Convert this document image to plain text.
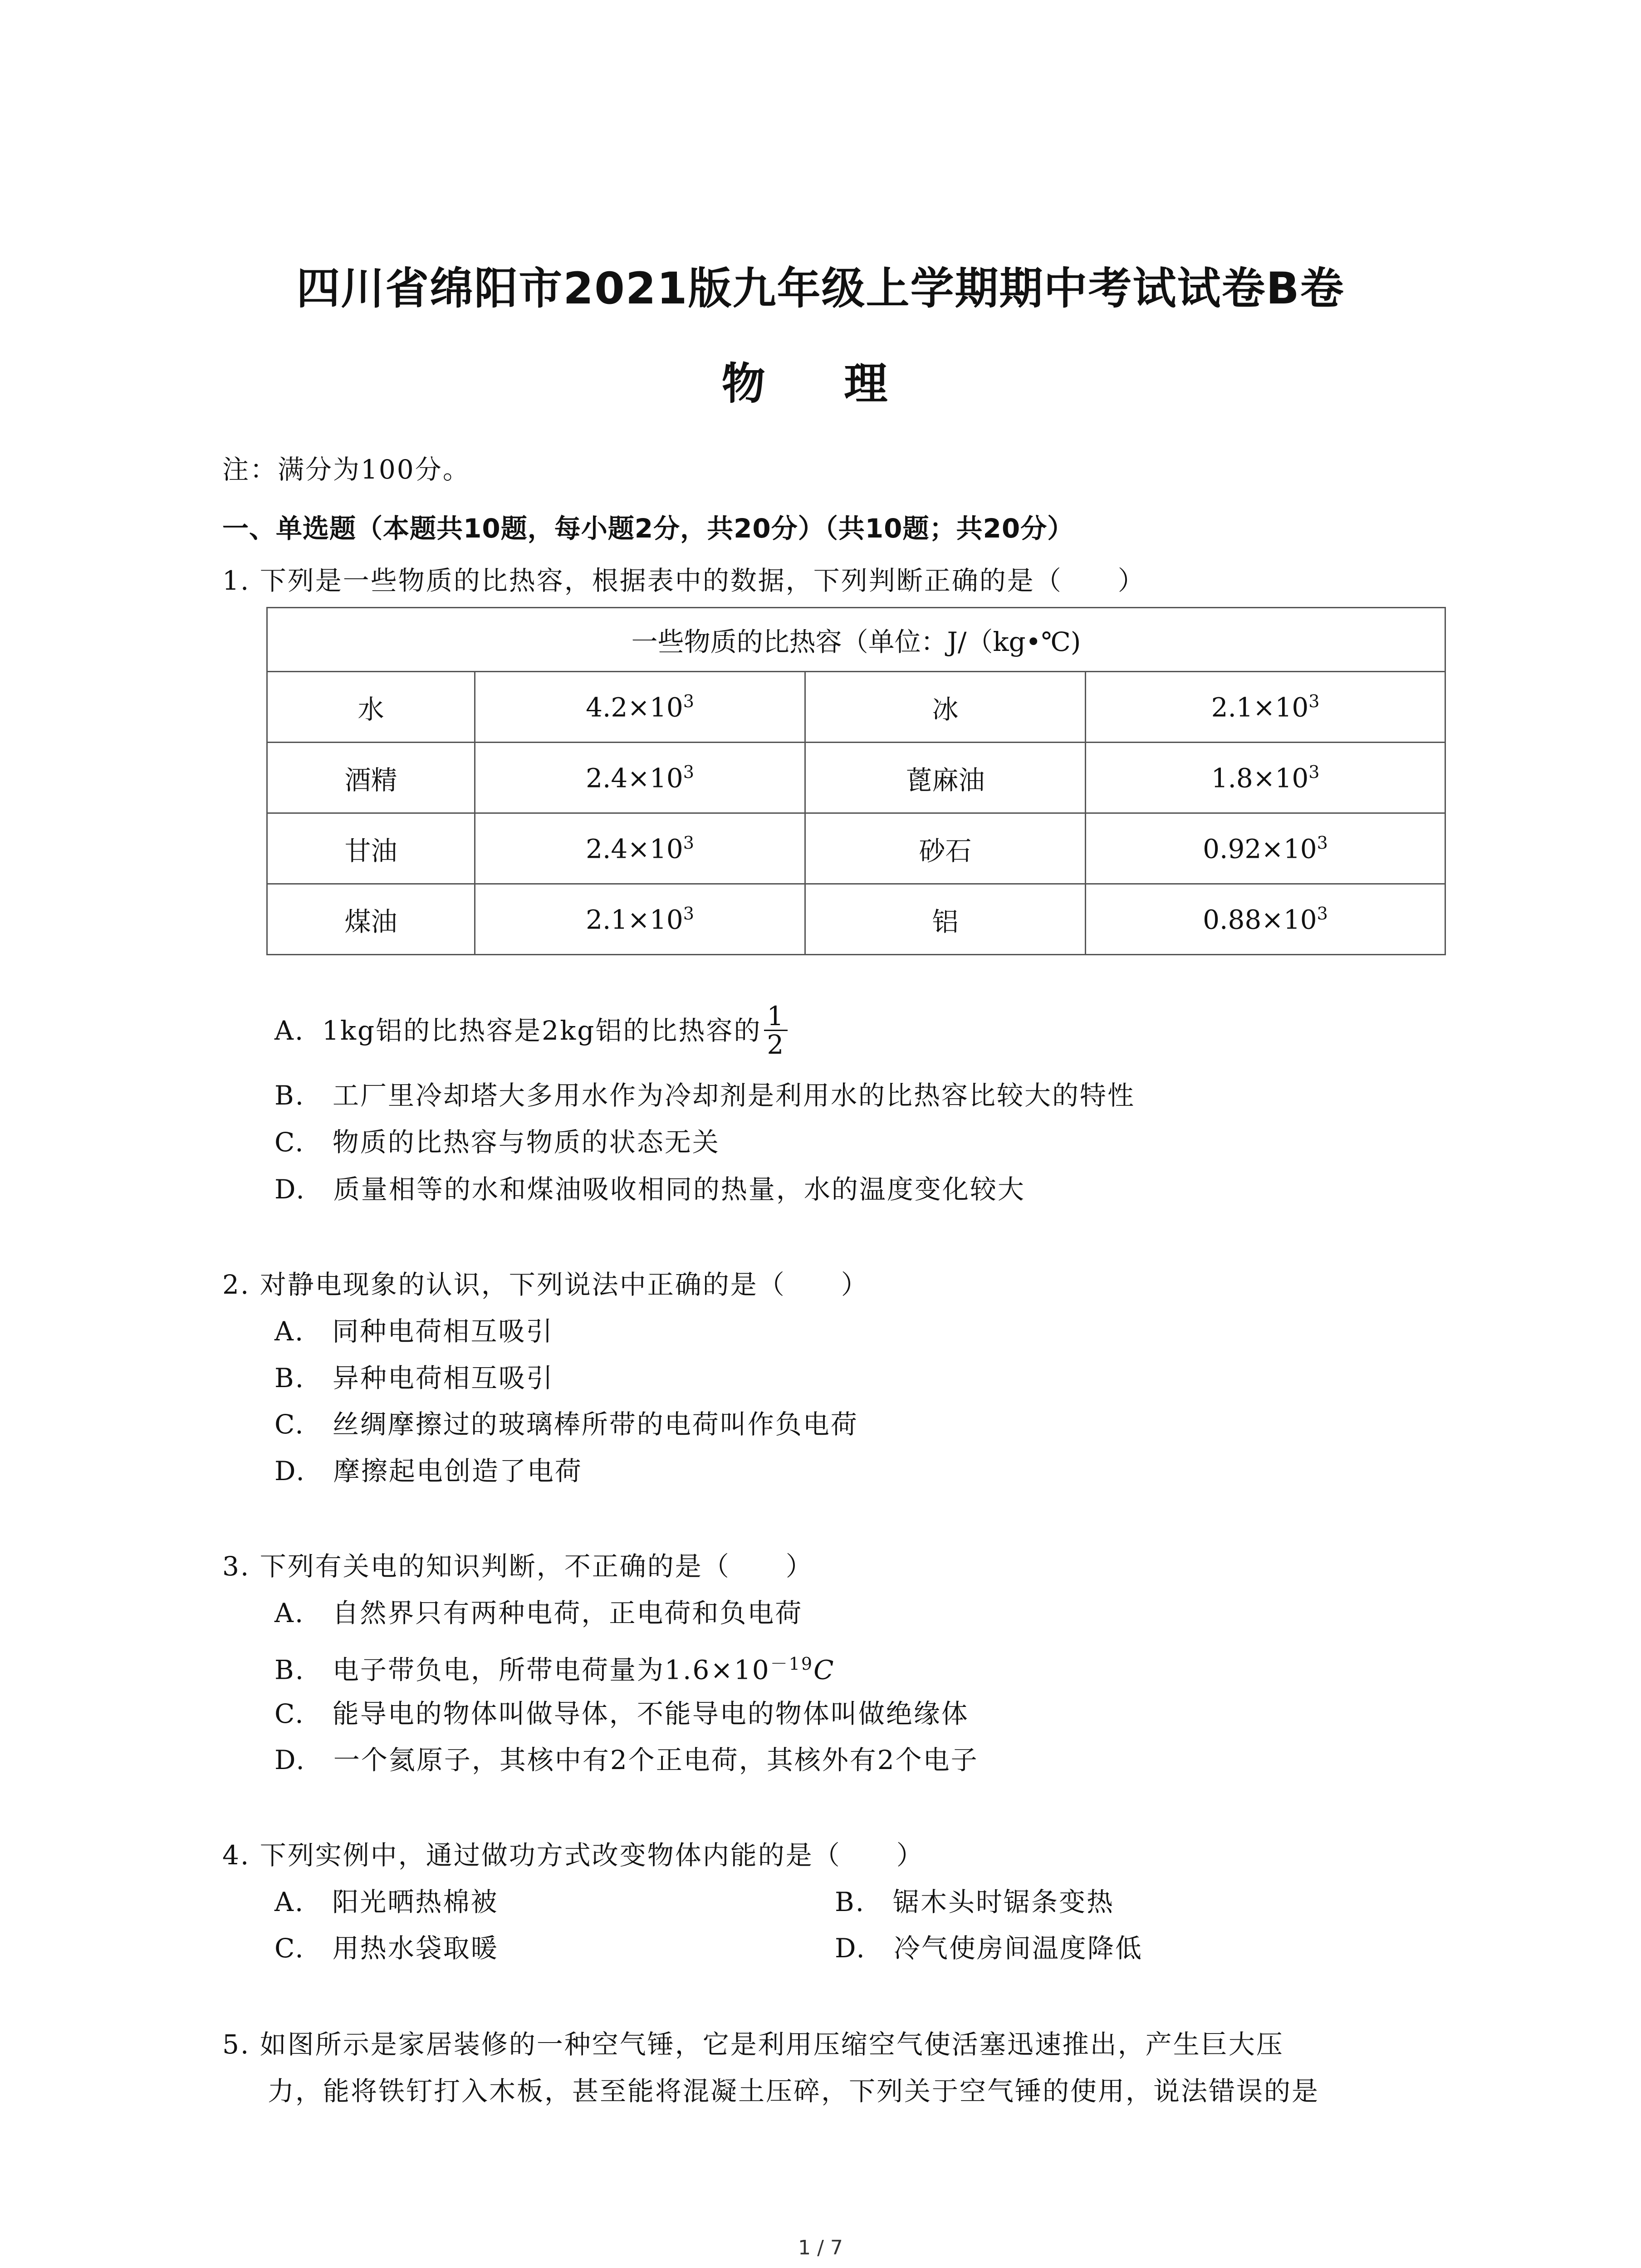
四川省绵阳市2021版九年级上学期期中考试试卷B卷
物 理
注：满分为100分。
一、单选题（本题共10题，每小题2分，共20分）（共10题；共20分）
1. 下列是一些物质的比热容，根据表中的数据，下列判断正确的是（　　）
一些物质的比热容（单位：J/（kg•℃)			
水	$4.2\times 10^3$	冰	$2.1\times 10^3$
酒精	$2.4\times 10^3$	蓖麻油	$1.8\times 10^3$
甘油	$2.4\times 10^3$	砂石	$0.92\times 10^3$
煤油	$2.1\times 10^3$	铝	$0.88\times 10^3$
A. 1kg铝的比热容是2kg铝的比热容的 $\frac{1}{2}$
B.　工厂里冷却塔大多用水作为冷却剂是利用水的比热容比较大的特性
C.　物质的比热容与物质的状态无关
D.　质量相等的水和煤油吸收相同的热量，水的温度变化较大
2. 对静电现象的认识，下列说法中正确的是（　　）
A.　同种电荷相互吸引
B.　异种电荷相互吸引
C.　丝绸摩擦过的玻璃棒所带的电荷叫作负电荷
D.　摩擦起电创造了电荷
3. 下列有关电的知识判断，不正确的是（　　）
A.　自然界只有两种电荷，正电荷和负电荷
B.　电子带负电，所带电荷量为$1.6\times 10^{-19}C$
C.　能导电的物体叫做导体，不能导电的物体叫做绝缘体
D.　一个氦原子，其核中有2个正电荷，其核外有2个电子
4. 下列实例中，通过做功方式改变物体内能的是（　　）
A.　阳光晒热棉被	B.　锯木头时锯条变热
C.　用热水袋取暖	D.　冷气使房间温度降低
5. 如图所示是家居装修的一种空气锤，它是利用压缩空气使活塞迅速推出，产生巨大压
力，能将铁钉打入木板，甚至能将混凝土压碎，下列关于空气锤的使用，说法错误的是
1 / 7
